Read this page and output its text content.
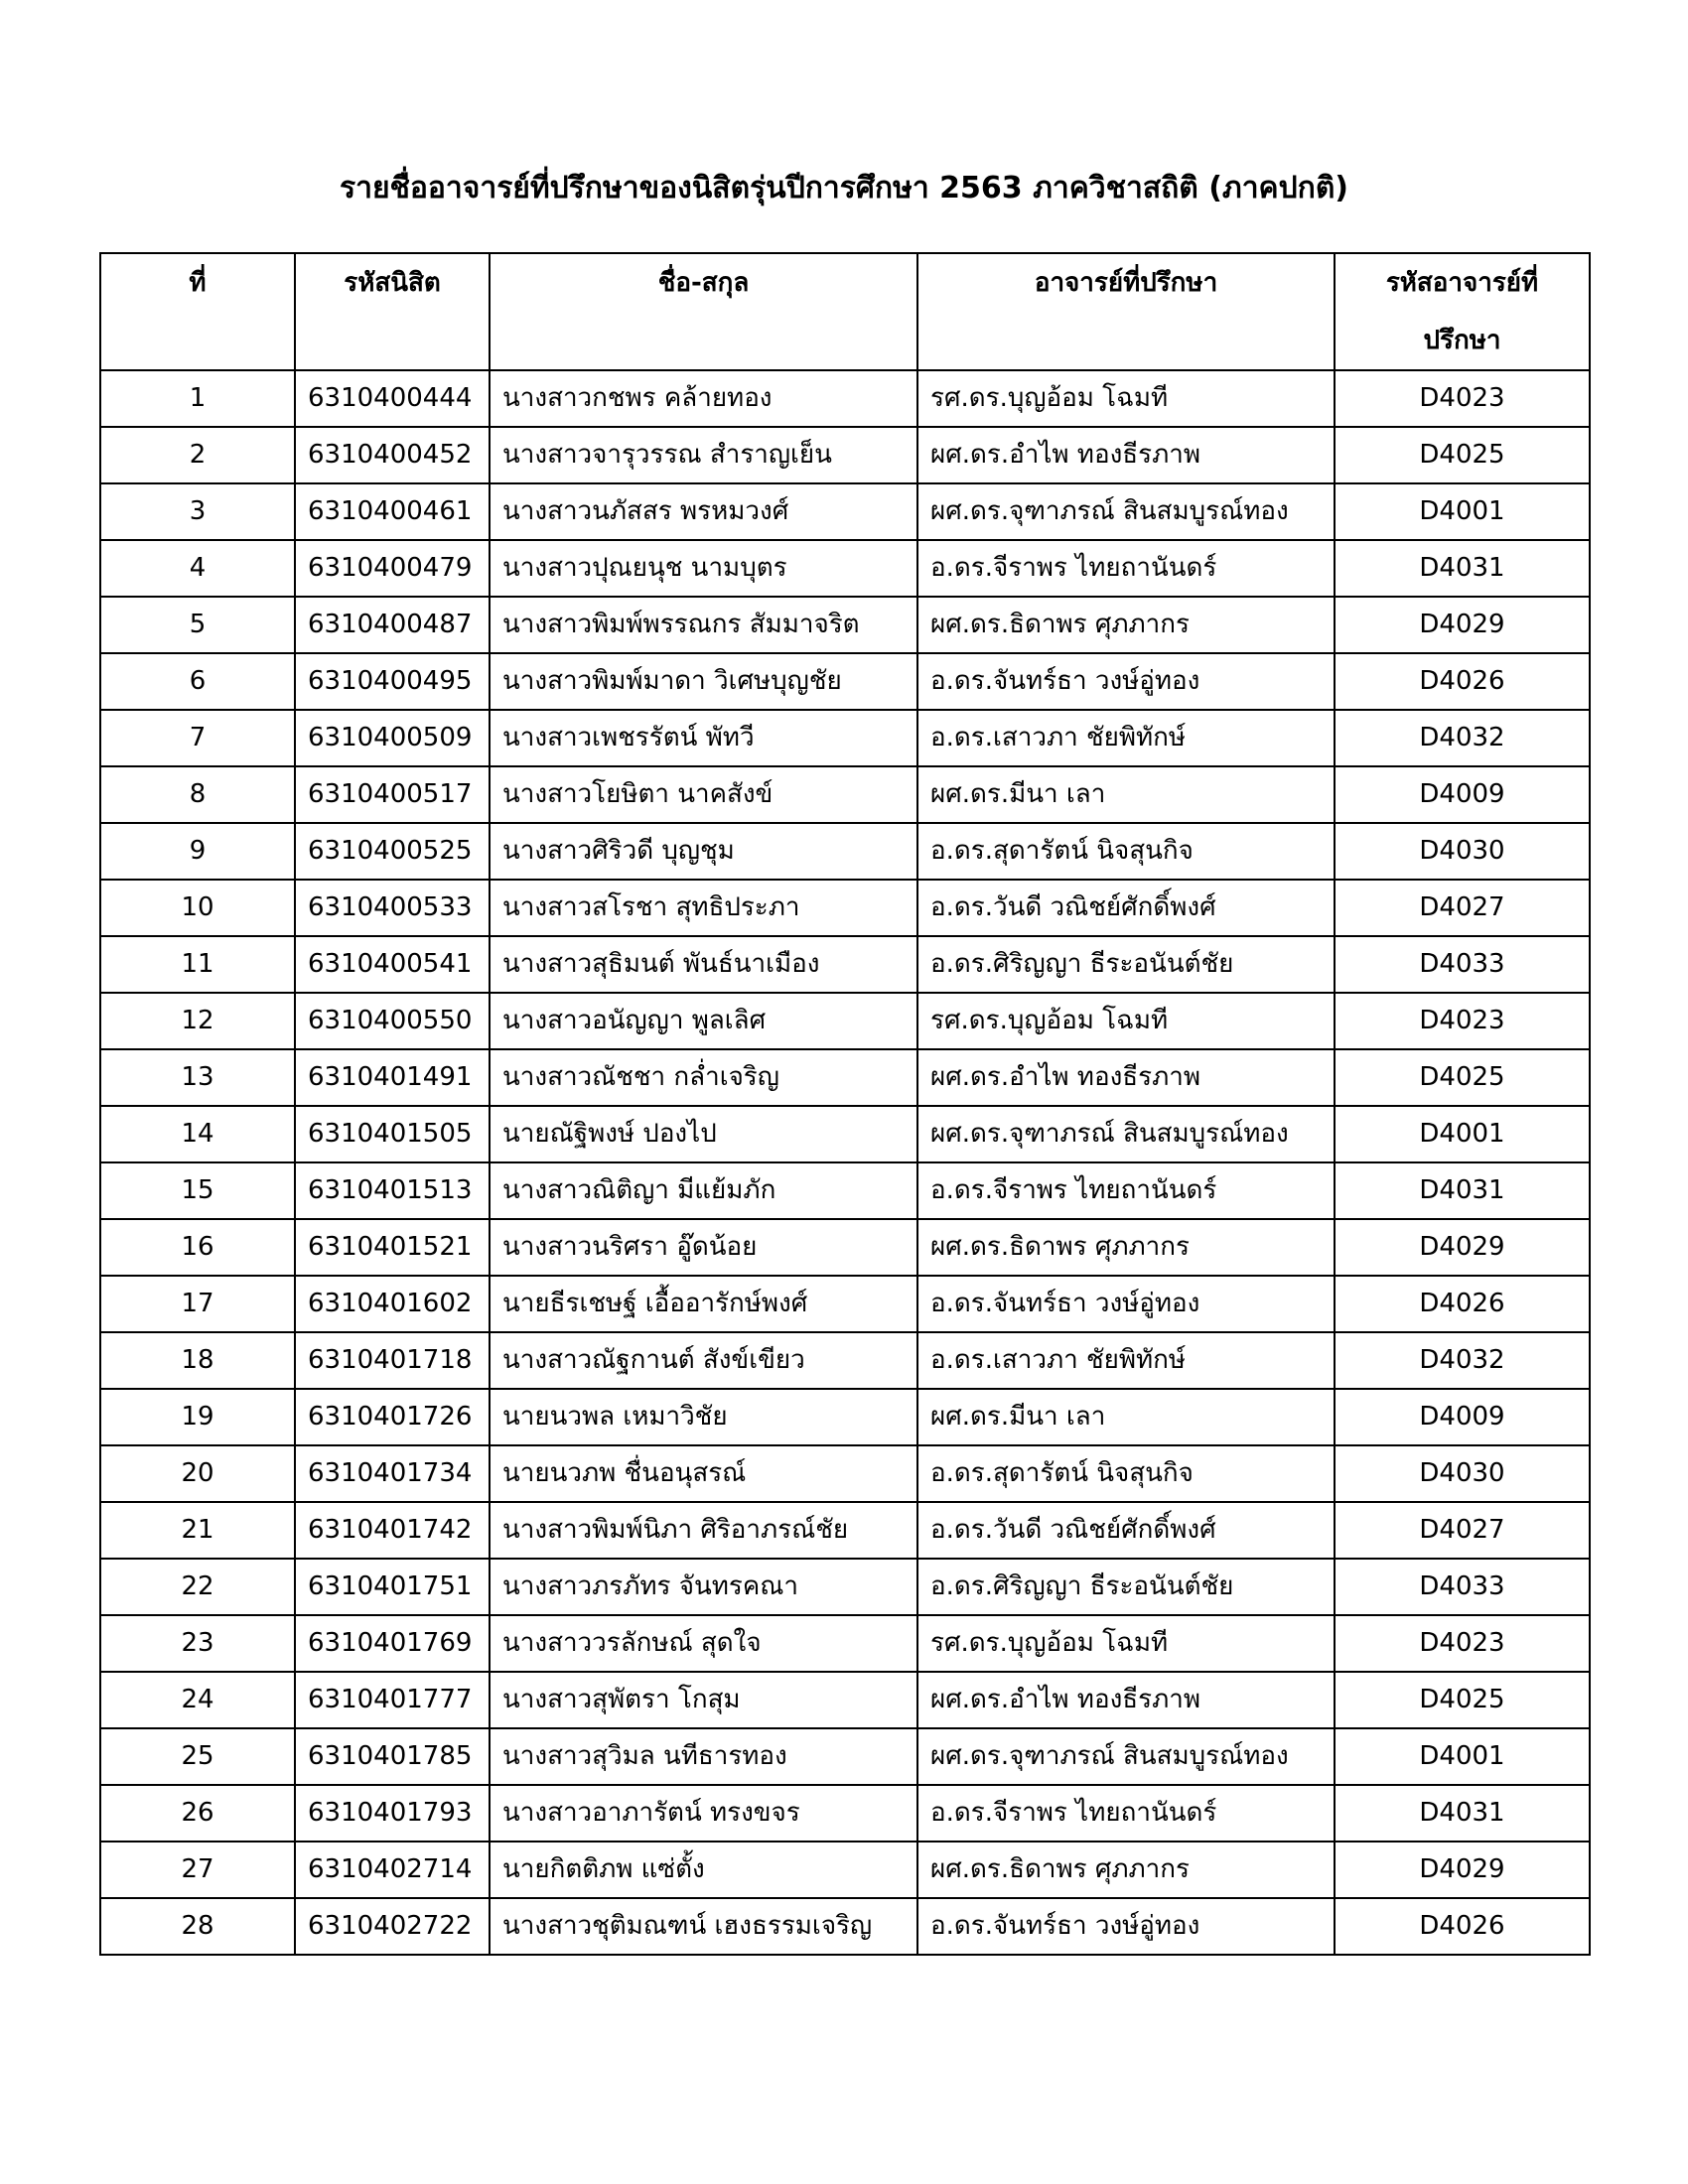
รายชื่ออาจารย์ที่ปรึกษาของนิสิตรุ่นปีการศึกษา 2563 ภาควิชาสถิติ (ภาคปกติ)
ที่	รหัสนิสิต	ชื่อ-สกุล	อาจารย์ที่ปรึกษา	รหัสอาจารย์ที่ปรึกษา
1	6310400444	นางสาวกชพร คล้ายทอง	รศ.ดร.บุญอ้อม โฉมที	D4023
2	6310400452	นางสาวจารุวรรณ สำราญเย็น	ผศ.ดร.อำไพ ทองธีรภาพ	D4025
3	6310400461	นางสาวนภัสสร พรหมวงศ์	ผศ.ดร.จุฑาภรณ์ สินสมบูรณ์ทอง	D4001
4	6310400479	นางสาวปุณยนุช นามบุตร	อ.ดร.จีราพร ไทยถานันดร์	D4031
5	6310400487	นางสาวพิมพ์พรรณกร สัมมาจริต	ผศ.ดร.ธิดาพร ศุภภากร	D4029
6	6310400495	นางสาวพิมพ์มาดา วิเศษบุญชัย	อ.ดร.จันทร์ธา วงษ์อู่ทอง	D4026
7	6310400509	นางสาวเพชรรัตน์ พัทวี	อ.ดร.เสาวภา ชัยพิทักษ์	D4032
8	6310400517	นางสาวโยษิตา นาคสังข์	ผศ.ดร.มีนา เลา	D4009
9	6310400525	นางสาวศิริวดี บุญชุม	อ.ดร.สุดารัตน์ นิจสุนกิจ	D4030
10	6310400533	นางสาวสโรชา สุทธิประภา	อ.ดร.วันดี วณิชย์ศักดิ์พงศ์	D4027
11	6310400541	นางสาวสุธิมนต์ พันธ์นาเมือง	อ.ดร.ศิริญญา ธีระอนันต์ชัย	D4033
12	6310400550	นางสาวอนัญญา พูลเลิศ	รศ.ดร.บุญอ้อม โฉมที	D4023
13	6310401491	นางสาวณัชชา กล่ำเจริญ	ผศ.ดร.อำไพ ทองธีรภาพ	D4025
14	6310401505	นายณัฐิพงษ์ ปองไป	ผศ.ดร.จุฑาภรณ์ สินสมบูรณ์ทอง	D4001
15	6310401513	นางสาวณิติญา มีแย้มภัก	อ.ดร.จีราพร ไทยถานันดร์	D4031
16	6310401521	นางสาวนริศรา อู๊ดน้อย	ผศ.ดร.ธิดาพร ศุภภากร	D4029
17	6310401602	นายธีรเชษฐ์ เอื้ออารักษ์พงศ์	อ.ดร.จันทร์ธา วงษ์อู่ทอง	D4026
18	6310401718	นางสาวณัฐกานต์ สังข์เขียว	อ.ดร.เสาวภา ชัยพิทักษ์	D4032
19	6310401726	นายนวพล เหมาวิชัย	ผศ.ดร.มีนา เลา	D4009
20	6310401734	นายนวภพ ชื่นอนุสรณ์	อ.ดร.สุดารัตน์ นิจสุนกิจ	D4030
21	6310401742	นางสาวพิมพ์นิภา ศิริอาภรณ์ชัย	อ.ดร.วันดี วณิชย์ศักดิ์พงศ์	D4027
22	6310401751	นางสาวภรภัทร จันทรคณา	อ.ดร.ศิริญญา ธีระอนันต์ชัย	D4033
23	6310401769	นางสาววรลักษณ์ สุดใจ	รศ.ดร.บุญอ้อม โฉมที	D4023
24	6310401777	นางสาวสุพัตรา โกสุม	ผศ.ดร.อำไพ ทองธีรภาพ	D4025
25	6310401785	นางสาวสุวิมล นทีธารทอง	ผศ.ดร.จุฑาภรณ์ สินสมบูรณ์ทอง	D4001
26	6310401793	นางสาวอาภารัตน์ ทรงขจร	อ.ดร.จีราพร ไทยถานันดร์	D4031
27	6310402714	นายกิตติภพ แซ่ตั้ง	ผศ.ดร.ธิดาพร ศุภภากร	D4029
28	6310402722	นางสาวชุติมณฑน์ เฮงธรรมเจริญ	อ.ดร.จันทร์ธา วงษ์อู่ทอง	D4026
